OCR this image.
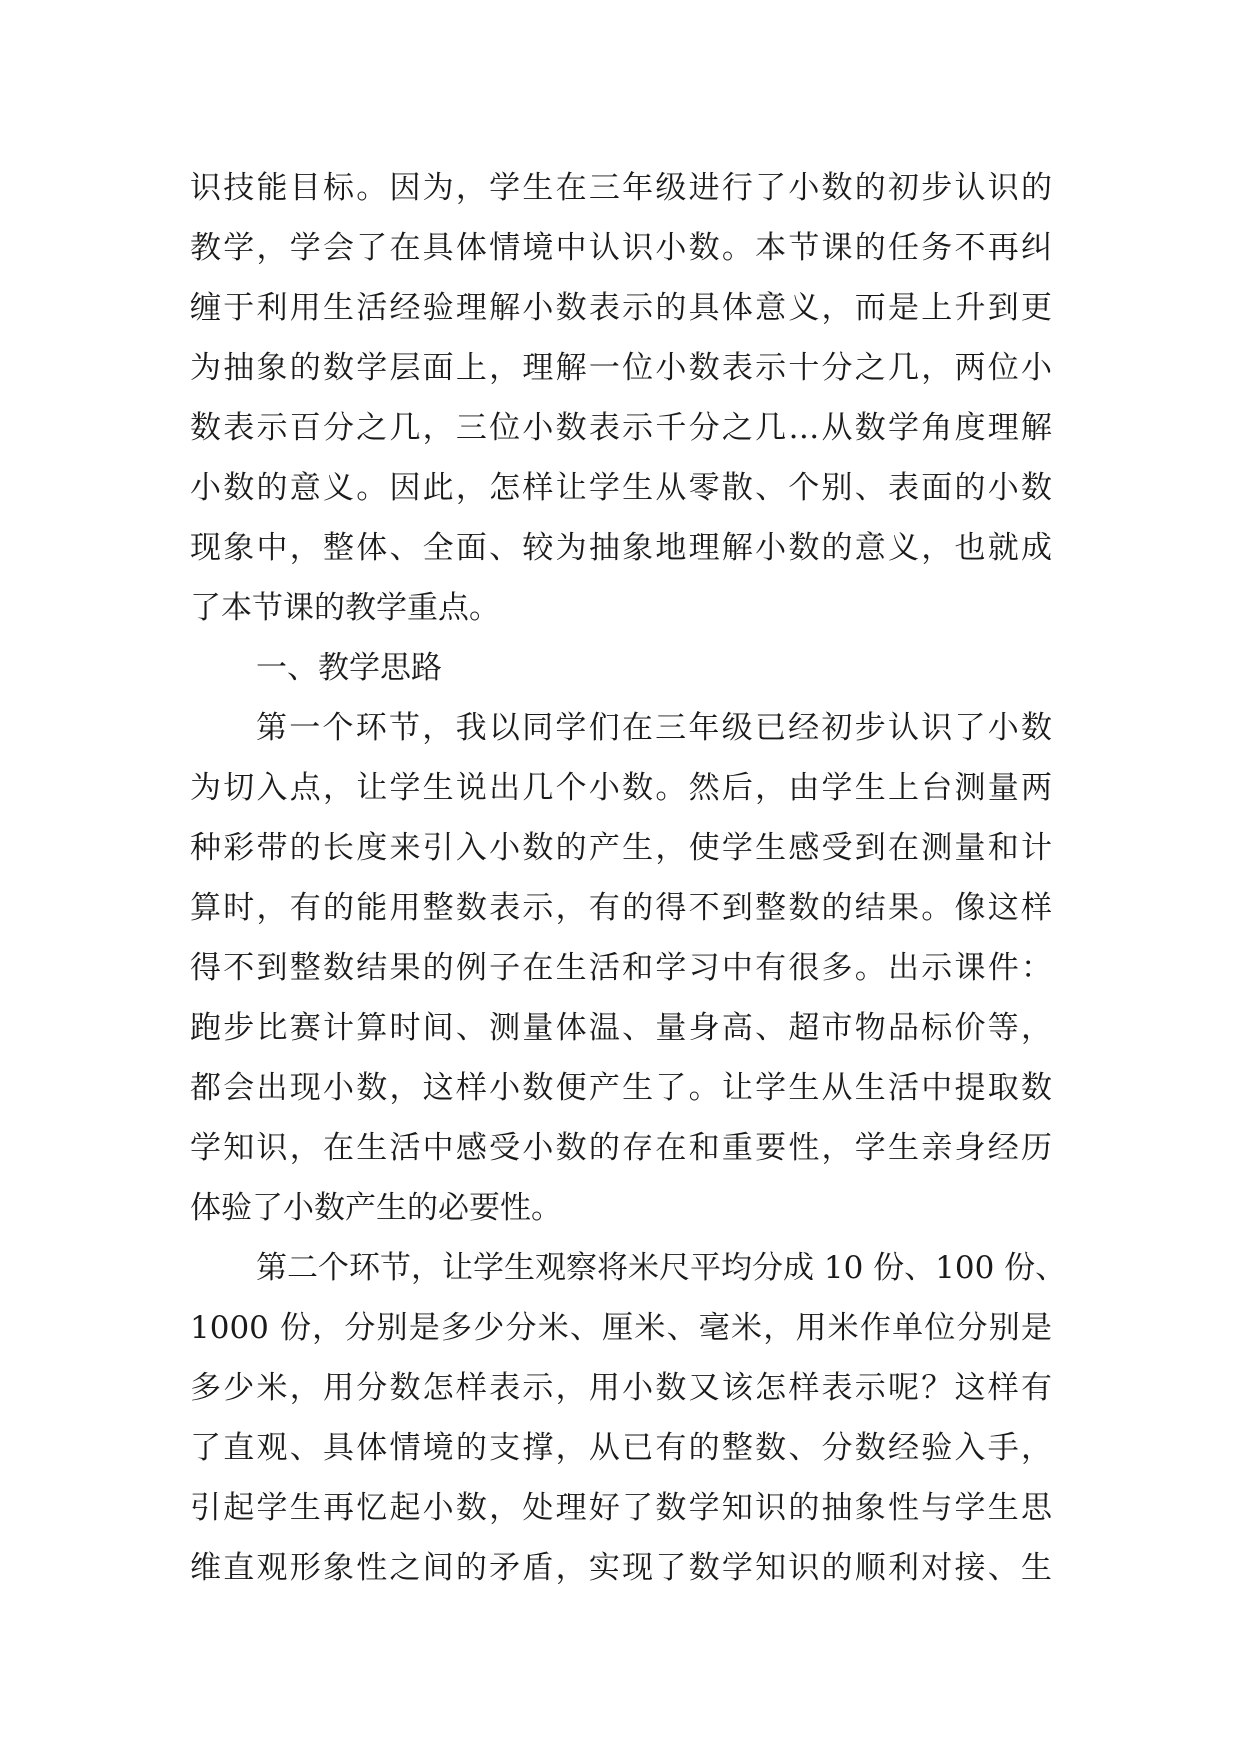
识技能目标。因为，学生在三年级进行了小数的初步认识的
教学，学会了在具体情境中认识小数。本节课的任务不再纠
缠于利用生活经验理解小数表示的具体意义，而是上升到更
为抽象的数学层面上，理解一位小数表示十分之几，两位小
数表示百分之几，三位小数表示千分之几…从数学角度理解
小数的意义。因此，怎样让学生从零散、个别、表面的小数
现象中，整体、全面、较为抽象地理解小数的意义，也就成
了本节课的教学重点。
一、教学思路
第一个环节，我以同学们在三年级已经初步认识了小数
为切入点，让学生说出几个小数。然后，由学生上台测量两
种彩带的长度来引入小数的产生，使学生感受到在测量和计
算时，有的能用整数表示，有的得不到整数的结果。像这样
得不到整数结果的例子在生活和学习中有很多。出示课件：
跑步比赛计算时间、测量体温、量身高、超市物品标价等，
都会出现小数，这样小数便产生了。让学生从生活中提取数
学知识，在生活中感受小数的存在和重要性，学生亲身经历
体验了小数产生的必要性。
第二个环节，让学生观察将米尺平均分成 10 份、100 份、
1000 份，分别是多少分米、厘米、毫米，用米作单位分别是
多少米，用分数怎样表示，用小数又该怎样表示呢？这样有
了直观、具体情境的支撑，从已有的整数、分数经验入手，
引起学生再忆起小数，处理好了数学知识的抽象性与学生思
维直观形象性之间的矛盾，实现了数学知识的顺利对接、生
